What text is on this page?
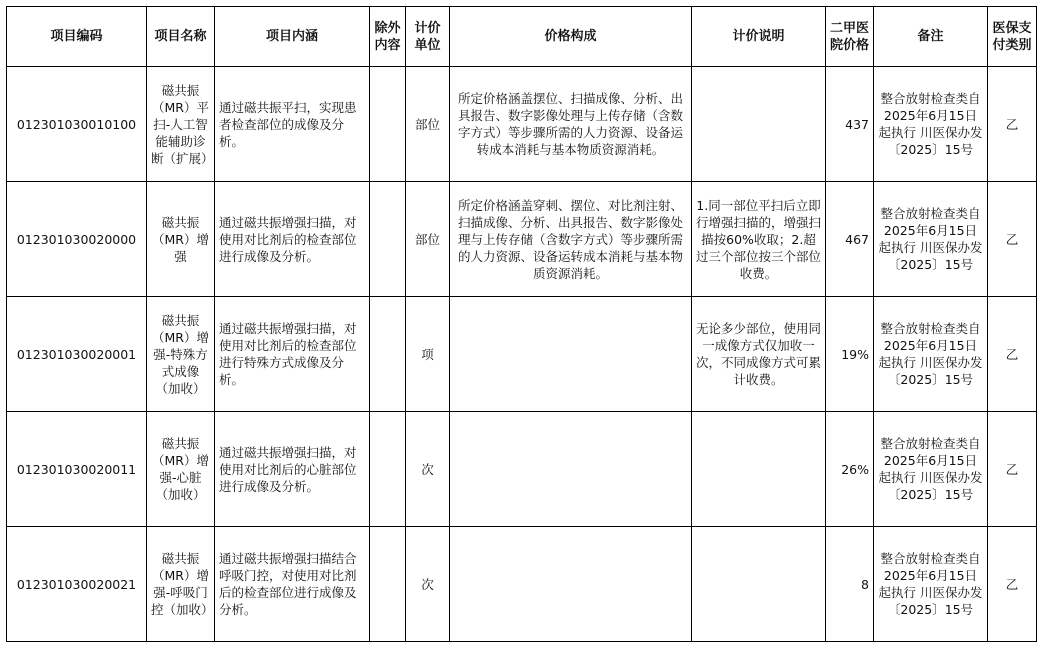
项目编码	项目名称	项目内涵	除外内容	计价单位	价格构成	计价说明	二甲医院价格	备注	医保支付类别
012301030010100	磁共振（MR）平扫-人工智能辅助诊断（扩展）	通过磁共振平扫，实现患者检查部位的成像及分析。		部位	所定价格涵盖摆位、扫描成像、分析、出具报告、数字影像处理与上传存储（含数字方式）等步骤所需的人力资源、设备运转成本消耗与基本物质资源消耗。		437	整合放射检查类自2025年6月15日起执行 川医保办发〔2025〕15号	乙
012301030020000	磁共振（MR）增强	通过磁共振增强扫描，对使用对比剂后的检查部位进行成像及分析。		部位	所定价格涵盖穿刺、摆位、对比剂注射、扫描成像、分析、出具报告、数字影像处理与上传存储（含数字方式）等步骤所需的人力资源、设备运转成本消耗与基本物质资源消耗。	1.同一部位平扫后立即行增强扫描的，增强扫描按60%收取；2.超过三个部位按三个部位收费。	467	整合放射检查类自2025年6月15日起执行 川医保办发〔2025〕15号	乙
012301030020001	磁共振（MR）增强-特殊方式成像（加收）	通过磁共振增强扫描，对使用对比剂后的检查部位进行特殊方式成像及分析。		项		无论多少部位，使用同一成像方式仅加收一次，不同成像方式可累计收费。	19%	整合放射检查类自2025年6月15日起执行 川医保办发〔2025〕15号	乙
012301030020011	磁共振（MR）增强-心脏（加收）	通过磁共振增强扫描，对使用对比剂后的心脏部位进行成像及分析。		次			26%	整合放射检查类自2025年6月15日起执行 川医保办发〔2025〕15号	乙
012301030020021	磁共振（MR）增强-呼吸门控（加收）	通过磁共振增强扫描结合呼吸门控，对使用对比剂后的检查部位进行成像及分析。		次			8	整合放射检查类自2025年6月15日起执行 川医保办发〔2025〕15号	乙
